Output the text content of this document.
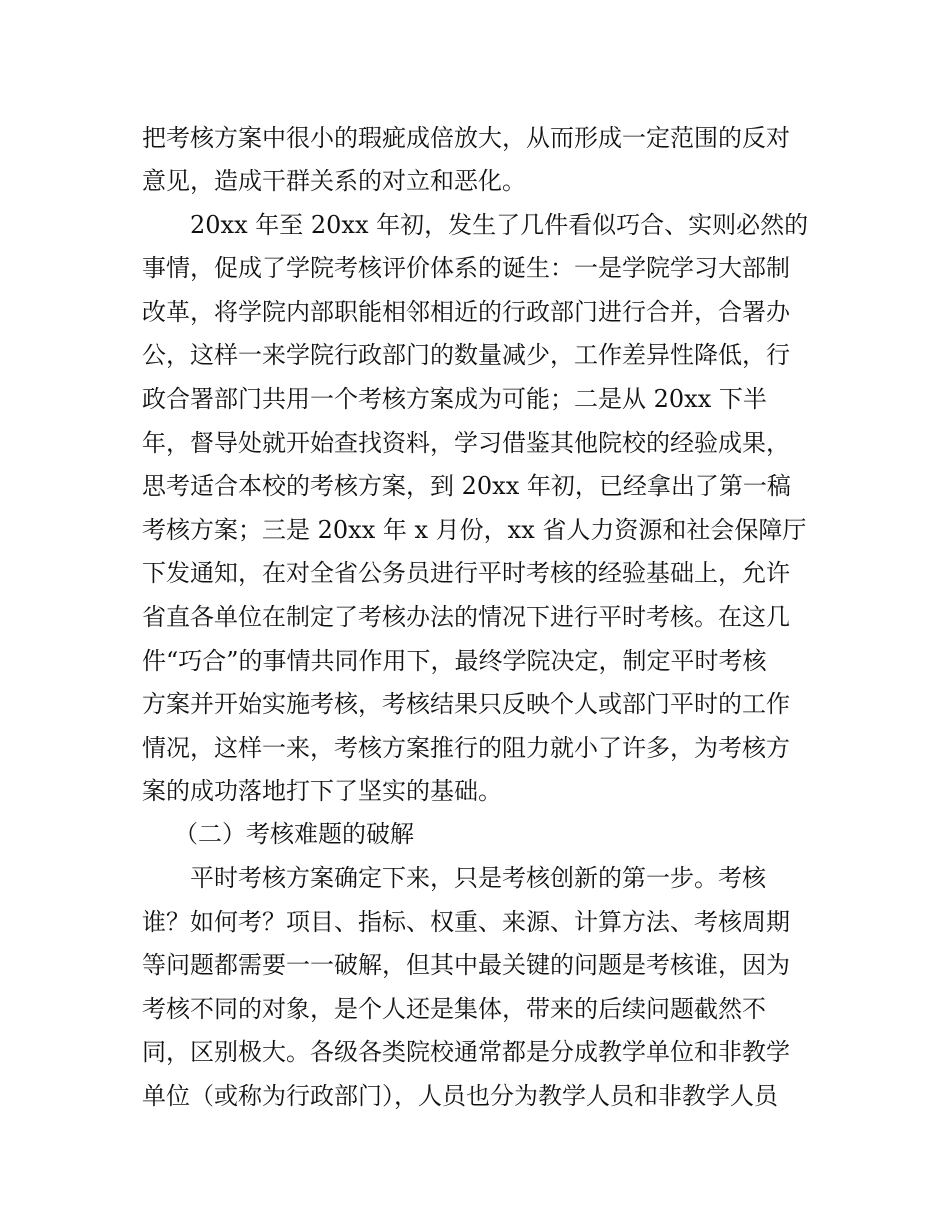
把考核方案中很小的瑕疵成倍放大，从而形成一定范围的反对
意见，造成干群关系的对立和恶化。
20xx 年至 20xx 年初，发生了几件看似巧合、实则必然的
事情，促成了学院考核评价体系的诞生：一是学院学习大部制
改革，将学院内部职能相邻相近的行政部门进行合并，合署办
公，这样一来学院行政部门的数量减少，工作差异性降低，行
政合署部门共用一个考核方案成为可能；二是从 20xx 下半
年，督导处就开始查找资料，学习借鉴其他院校的经验成果，
思考适合本校的考核方案，到 20xx 年初，已经拿出了第一稿
考核方案；三是 20xx 年 x 月份，xx 省人力资源和社会保障厅
下发通知，在对全省公务员进行平时考核的经验基础上，允许
省直各单位在制定了考核办法的情况下进行平时考核。在这几
件“巧合”的事情共同作用下，最终学院决定，制定平时考核
方案并开始实施考核，考核结果只反映个人或部门平时的工作
情况，这样一来，考核方案推行的阻力就小了许多，为考核方
案的成功落地打下了坚实的基础。
（二）考核难题的破解
平时考核方案确定下来，只是考核创新的第一步。考核
谁？如何考？项目、指标、权重、来源、计算方法、考核周期
等问题都需要一一破解，但其中最关键的问题是考核谁，因为
考核不同的对象，是个人还是集体，带来的后续问题截然不
同，区别极大。各级各类院校通常都是分成教学单位和非教学
单位（或称为行政部门），人员也分为教学人员和非教学人员
